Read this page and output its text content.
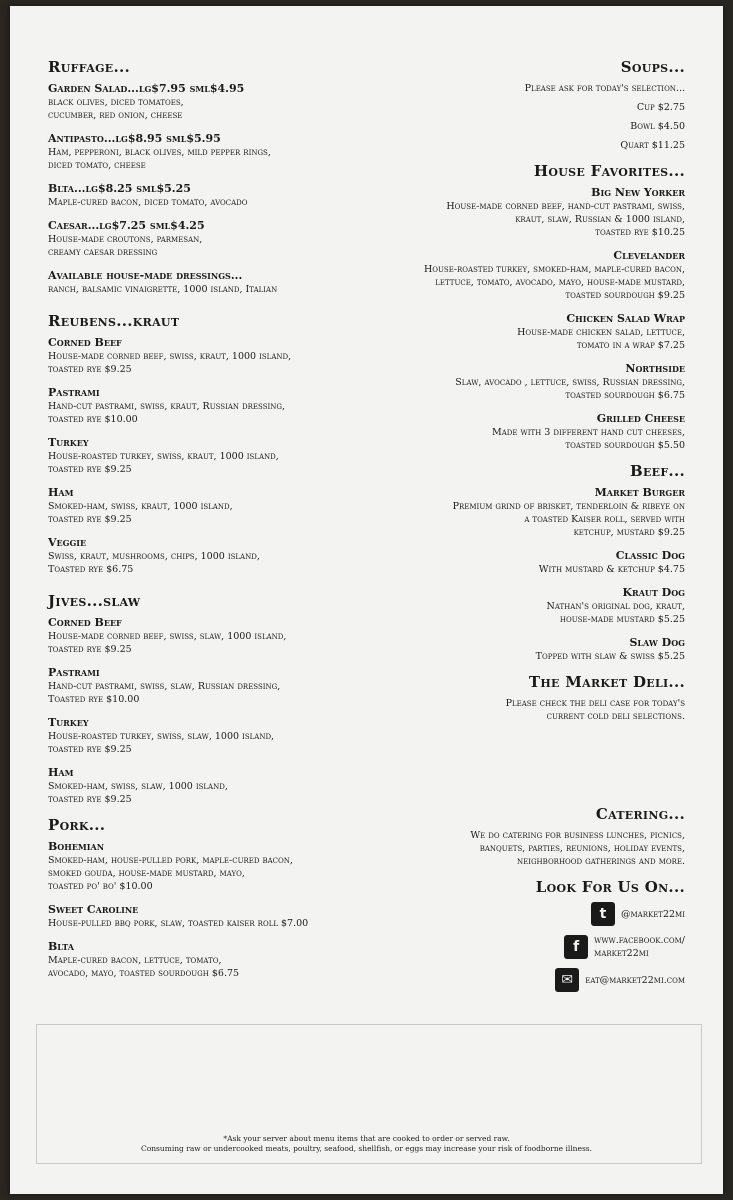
Ruffage...
Garden Salad...lg$7.95 sml$4.95
black olives, diced tomatoes,
cucumber, red onion, cheese
Antipasto...lg$8.95 sml$5.95
Ham, pepperoni, black olives, mild pepper rings,
diced tomato, cheese
Blta...lg$8.25 sml$5.25
Maple-cured bacon, diced tomato, avocado
Caesar...lg$7.25 sml$4.25
House-made croutons, parmesan,
creamy caesar dressing
Available house-made dressings...
ranch, balsamic vinaigrette, 1000 island, Italian
Reubens...kraut
Corned Beef
House-made corned beef, swiss, kraut, 1000 island,
toasted rye $9.25
Pastrami
Hand-cut pastrami, swiss, kraut, Russian dressing,
toasted rye $10.00
Turkey
House-roasted turkey, swiss, kraut, 1000 island,
toasted rye $9.25
Ham
Smoked-ham, swiss, kraut, 1000 island,
toasted rye $9.25
Veggie
Swiss, kraut, mushrooms, chips, 1000 island,
Toasted rye $6.75
Jives...slaw
Corned Beef
House-made corned beef, swiss, slaw, 1000 island,
toasted rye $9.25
Pastrami
Hand-cut pastrami, swiss, slaw, Russian dressing,
Toasted rye $10.00
Turkey
House-roasted turkey, swiss, slaw, 1000 island,
toasted rye $9.25
Ham
Smoked-ham, swiss, slaw, 1000 island,
toasted rye $9.25
Pork...
Bohemian
Smoked-ham, house-pulled pork, maple-cured bacon,
smoked gouda, house-made mustard, mayo,
toasted po' bo' $10.00
Sweet Caroline
House-pulled bbq pork, slaw, toasted kaiser roll $7.00
Blta
Maple-cured bacon, lettuce, tomato,
avocado, mayo, toasted sourdough $6.75
Soups...
Please ask for today's selection...
Cup $2.75
Bowl $4.50
Quart $11.25
House Favorites...
Big New Yorker
House-made corned beef, hand-cut pastrami, swiss,
kraut, slaw, Russian & 1000 island,
toasted rye $10.25
Clevelander
House-roasted turkey, smoked-ham, maple-cured bacon,
lettuce, tomato, avocado, mayo, house-made mustard,
toasted sourdough $9.25
Chicken Salad Wrap
House-made chicken salad, lettuce,
tomato in a wrap $7.25
Northside
Slaw, avocado , lettuce, swiss, Russian dressing,
toasted sourdough $6.75
Grilled Cheese
Made with 3 different hand cut cheeses,
toasted sourdough $5.50
Beef...
Market Burger
Premium grind of brisket, tenderloin & ribeye on
a toasted Kaiser roll, served with
ketchup, mustard $9.25
Classic Dog
With mustard & ketchup $4.75
Kraut Dog
Nathan's original dog, kraut,
house-made mustard $5.25
Slaw Dog
Topped with slaw & swiss $5.25
The Market Deli...
Please check the deli case for today's
current cold deli selections.
Catering...
We do catering for business lunches, picnics,
banquets, parties, reunions, holiday events,
neighborhood gatherings and more.
Look For Us On...
t	@market22mi
f	www.facebook.com/
market22mi
✉	eat@market22mi.com
*Ask your server about menu items that are cooked to order or served raw.
Consuming raw or undercooked meats, poultry, seafood, shellfish, or eggs may increase your risk of foodborne illness.
